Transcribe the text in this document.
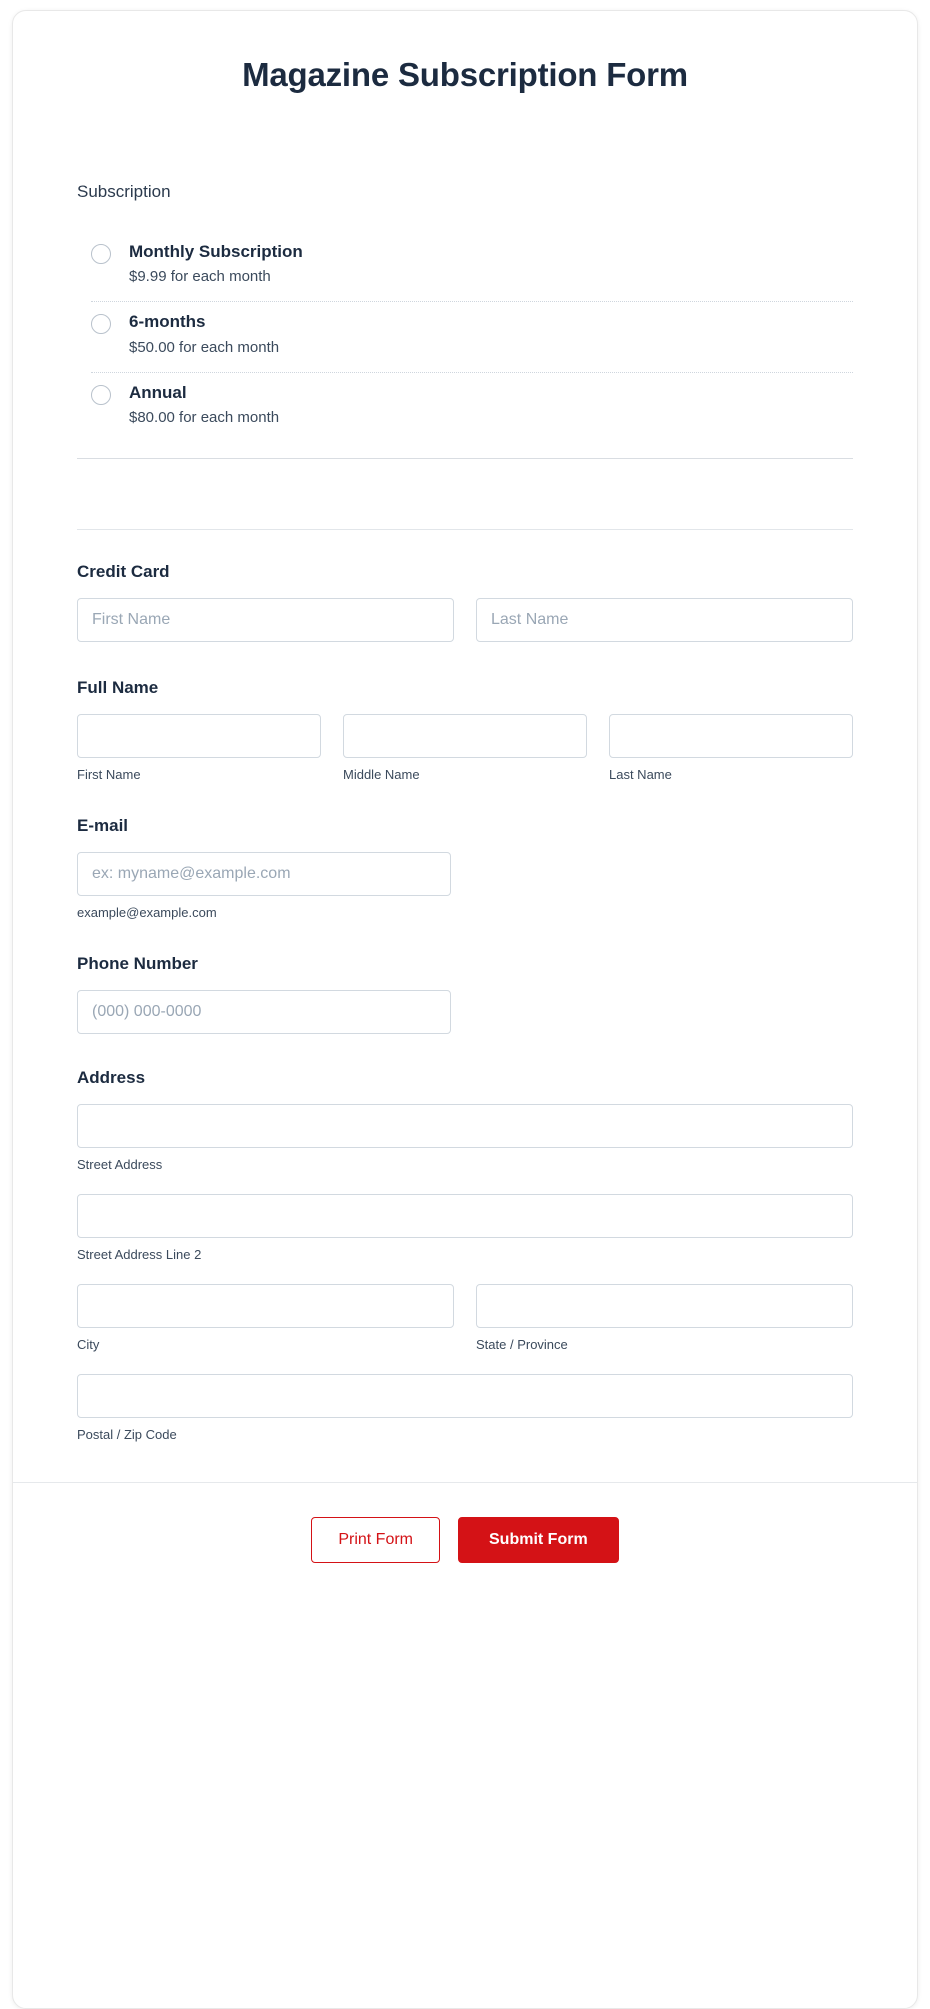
Magazine Subscription Form
Subscription
Monthly Subscription
$9.99 for each month
6-months
$50.00 for each month
Annual
$80.00 for each month
Credit Card
First Name
Last Name
Full Name
First Name	Middle Name	Last Name
E-mail
ex: myname@example.com
example@example.com
Phone Number
(000) 000-0000
Address
Street Address
Street Address Line 2
City	State / Province
Postal / Zip Code
Print Form	Submit Form
